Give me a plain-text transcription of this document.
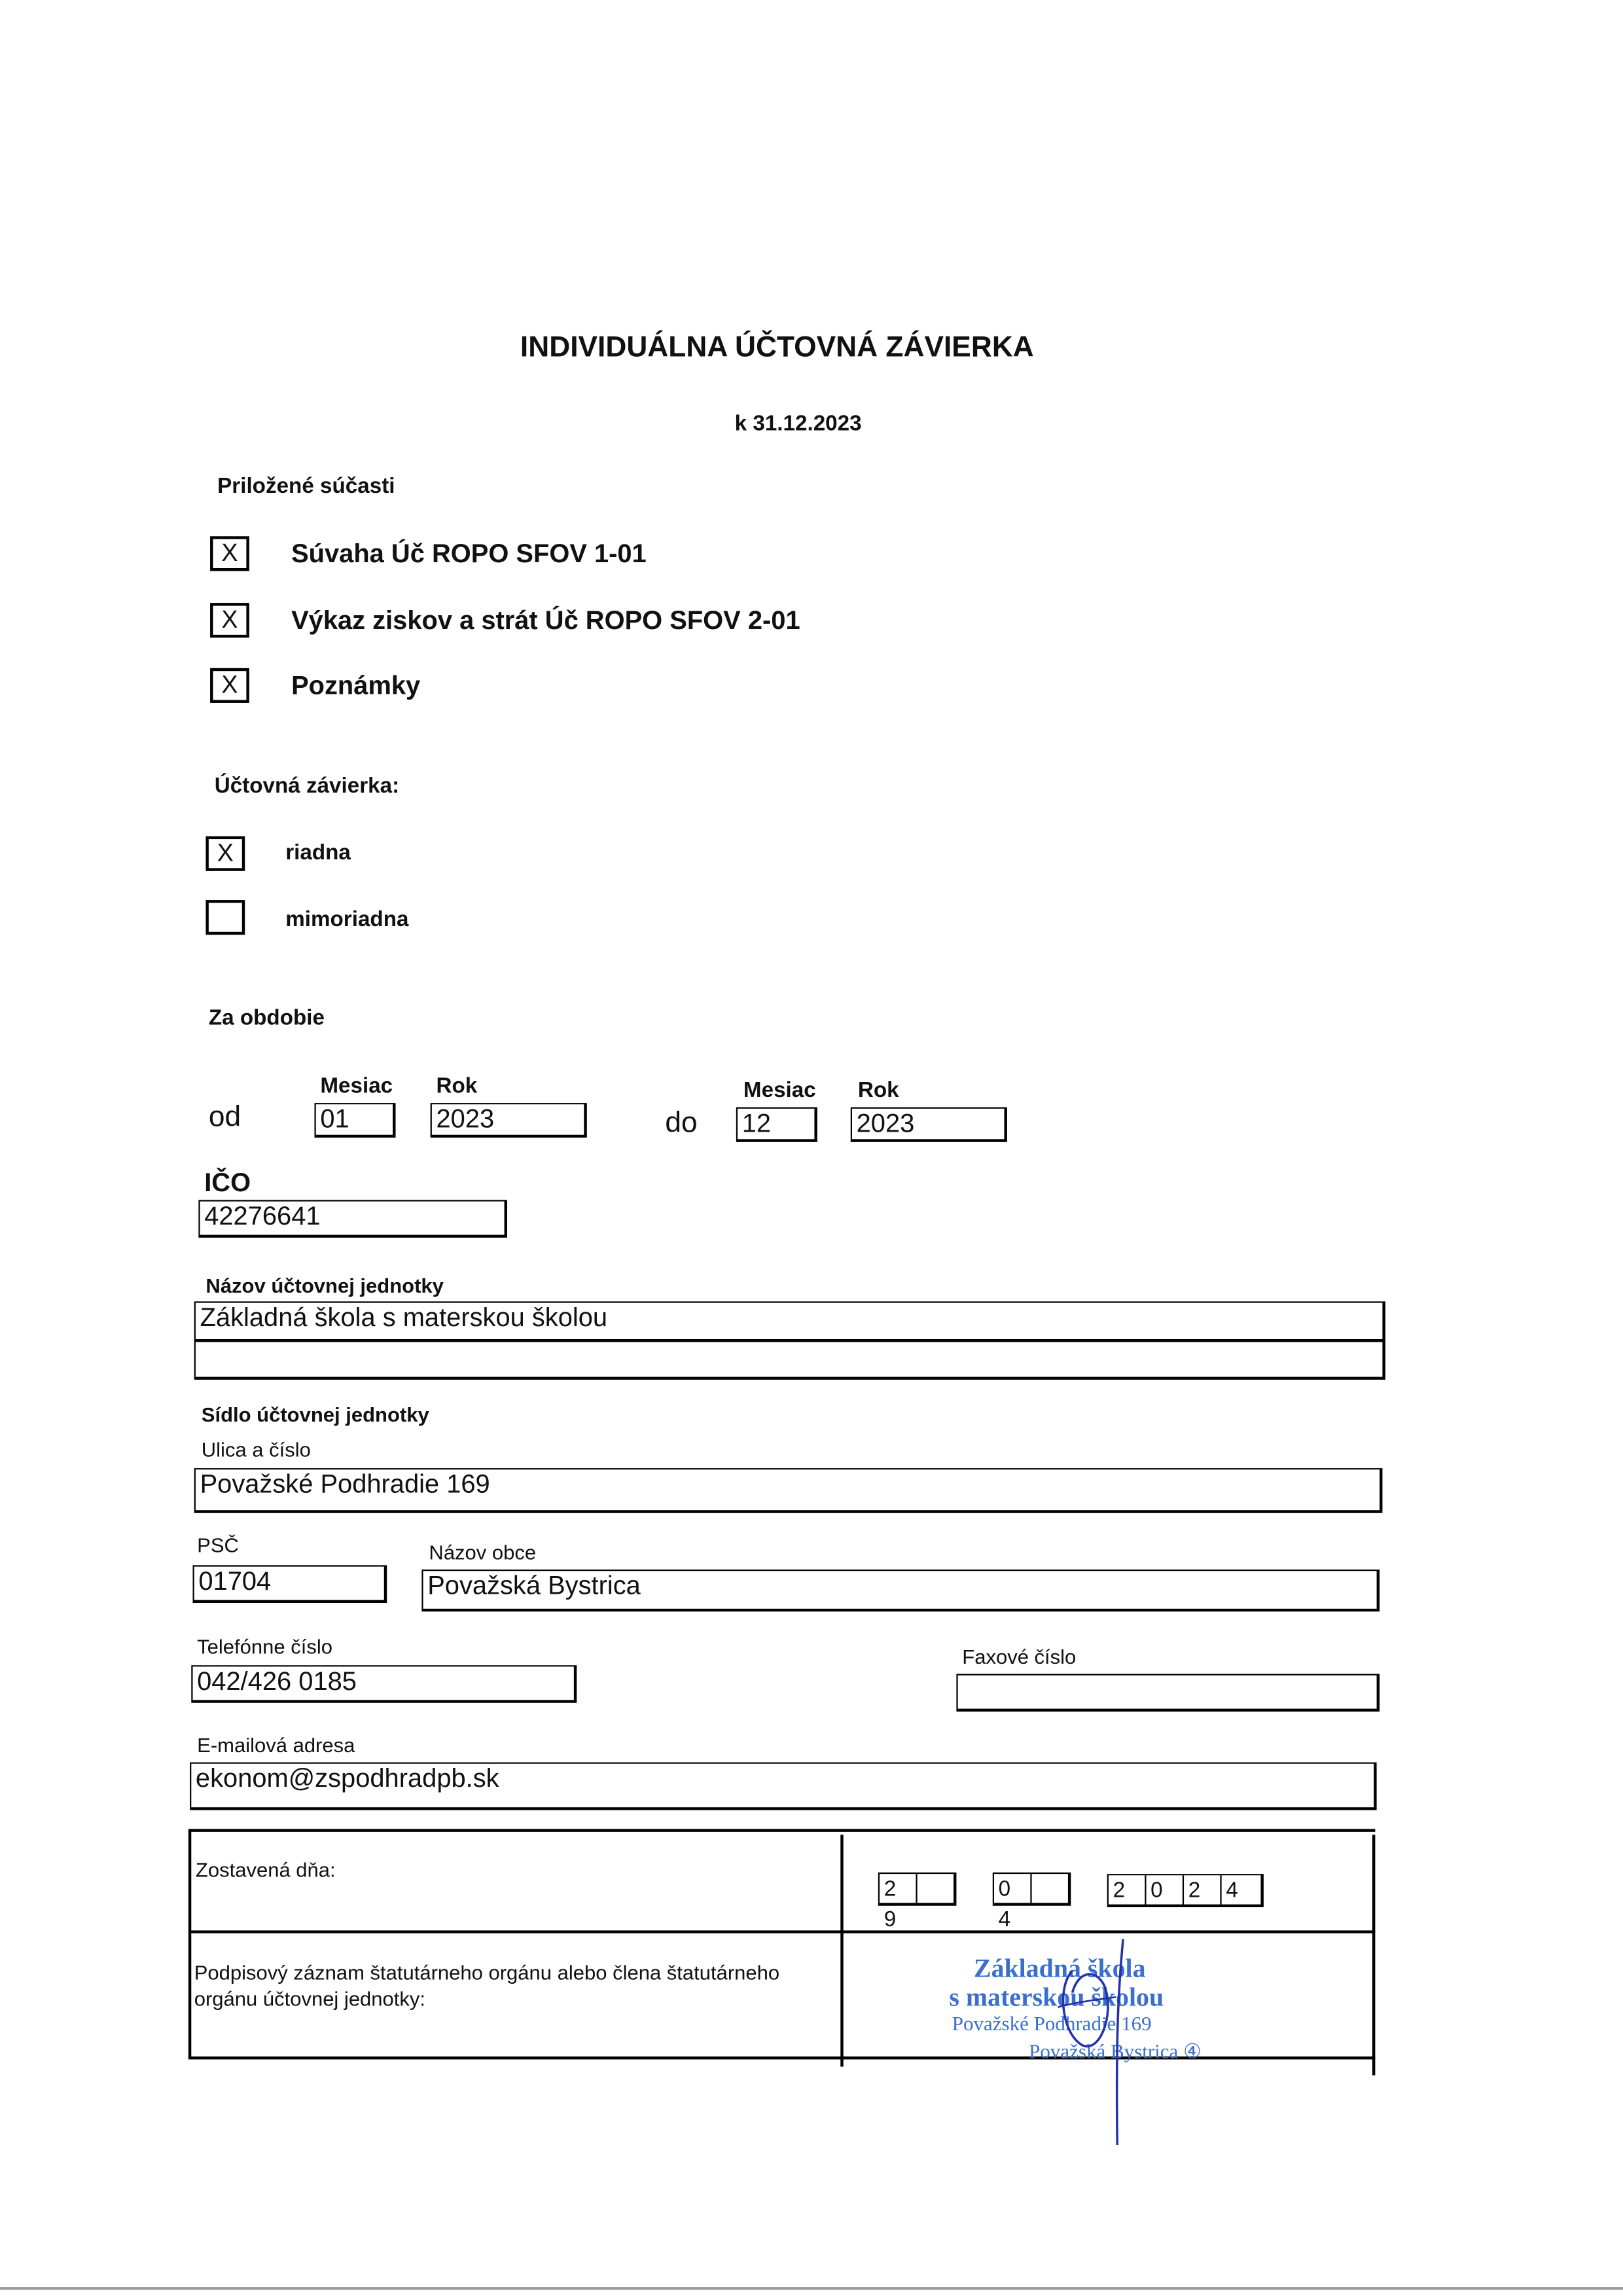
INDIVIDUÁLNA ÚČTOVNÁ ZÁVIERKA
k 31.12.2023
Priložené súčasti
X	Súvaha Úč ROPO SFOV 1-01
X	Výkaz ziskov a strát Úč ROPO SFOV 2-01
X	Poznámky
Účtovná závierka:
X	riadna
mimoriadna
Za obdobie
Mesiac	Rok
od	01	2023
Mesiac	Rok
do	12	2023
IČO
42276641
Názov účtovnej jednotky
Základná škola s materskou školou
Sídlo účtovnej jednotky
Ulica a číslo
Považské Podhradie 169
PSČ
01704
Názov obce
Považská Bystrica
Telefónne číslo
042/426 0185
Faxové číslo
E-mailová adresa
ekonom@zspodhradpb.sk
Zostavená dňa:
29
04
2	0	2	4
Podpisový záznam štatutárneho orgánu alebo člena štatutárneho orgánu účtovnej jednotky:
Základná škola
s materskou školou
Považské Podhradie 169
Považská Bystrica ④
